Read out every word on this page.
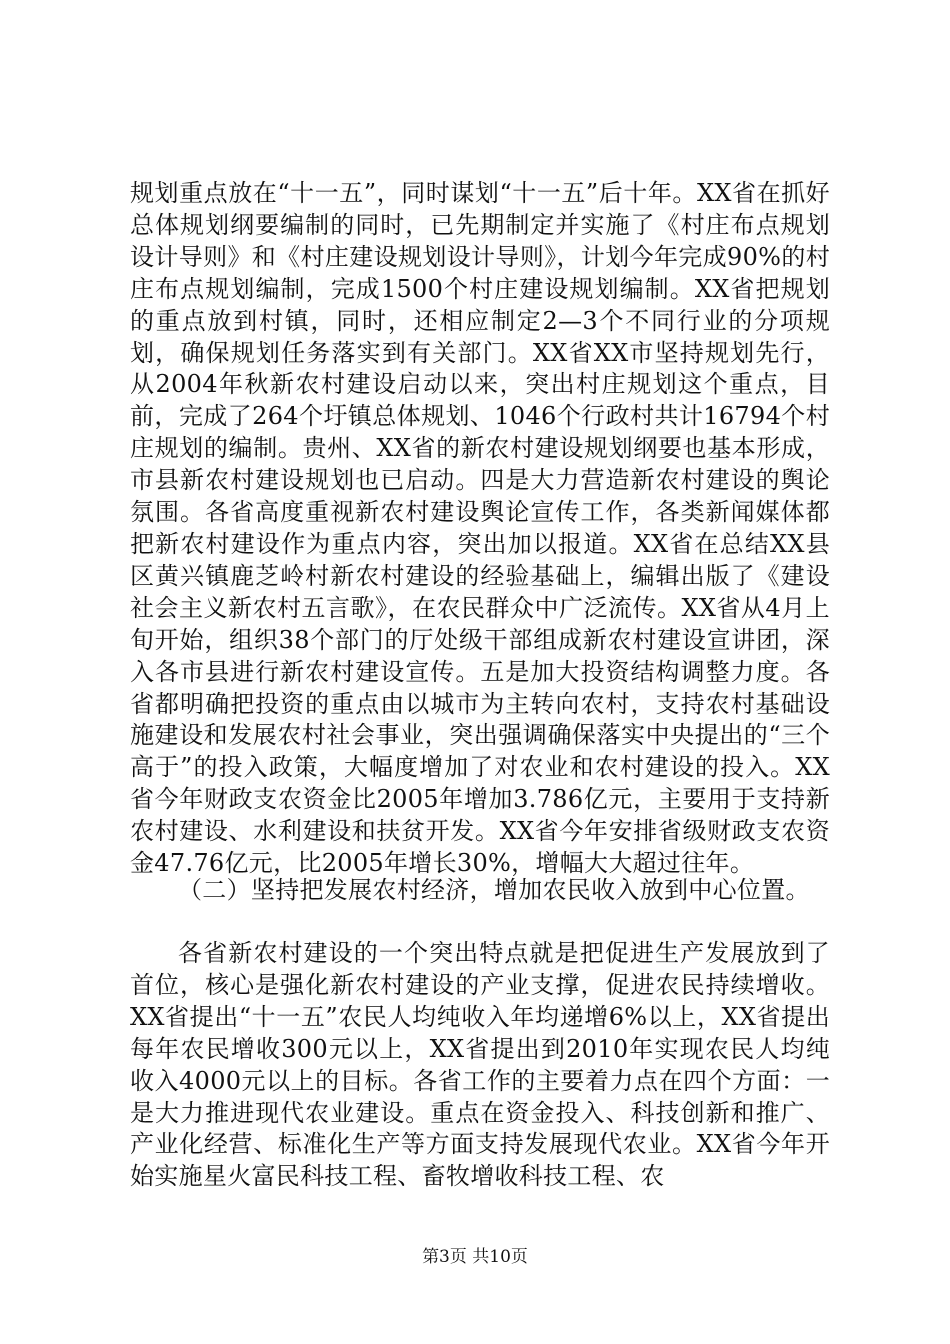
规划重点放在“十一五”，同时谋划“十一五”后十年。XX省在抓好总体规划纲要编制的同时，已先期制定并实施了《村庄布点规划设计导则》和《村庄建设规划设计导则》，计划今年完成90%的村庄布点规划编制，完成1500个村庄建设规划编制。XX省把规划的重点放到村镇，同时，还相应制定2—3个不同行业的分项规划，确保规划任务落实到有关部门。XX省XX市坚持规划先行，从2004年秋新农村建设启动以来，突出村庄规划这个重点，目前，完成了264个圩镇总体规划、1046个行政村共计16794个村庄规划的编制。贵州、XX省的新农村建设规划纲要也基本形成，市县新农村建设规划也已启动。四是大力营造新农村建设的舆论氛围。各省高度重视新农村建设舆论宣传工作，各类新闻媒体都把新农村建设作为重点内容，突出加以报道。XX省在总结XX县区黄兴镇鹿芝岭村新农村建设的经验基础上，编辑出版了《建设社会主义新农村五言歌》，在农民群众中广泛流传。XX省从4月上旬开始，组织38个部门的厅处级干部组成新农村建设宣讲团，深入各市县进行新农村建设宣传。五是加大投资结构调整力度。各省都明确把投资的重点由以城市为主转向农村，支持农村基础设施建设和发展农村社会事业，突出强调确保落实中央提出的“三个高于”的投入政策，大幅度增加了对农业和农村建设的投入。XX省今年财政支农资金比2005年增加3.786亿元，主要用于支持新农村建设、水利建设和扶贫开发。XX省今年安排省级财政支农资金47.76亿元，比2005年增长30%，增幅大大超过往年。

（二）坚持把发展农村经济，增加农民收入放到中心位置。

各省新农村建设的一个突出特点就是把促进生产发展放到了首位，核心是强化新农村建设的产业支撑，促进农民持续增收。XX省提出“十一五”农民人均纯收入年均递增6%以上，XX省提出每年农民增收300元以上，XX省提出到2010年实现农民人均纯收入4000元以上的目标。各省工作的主要着力点在四个方面：一是大力推进现代农业建设。重点在资金投入、科技创新和推广、产业化经营、标准化生产等方面支持发展现代农业。XX省今年开始实施星火富民科技工程、畜牧增收科技工程、农

第3页 共10页
